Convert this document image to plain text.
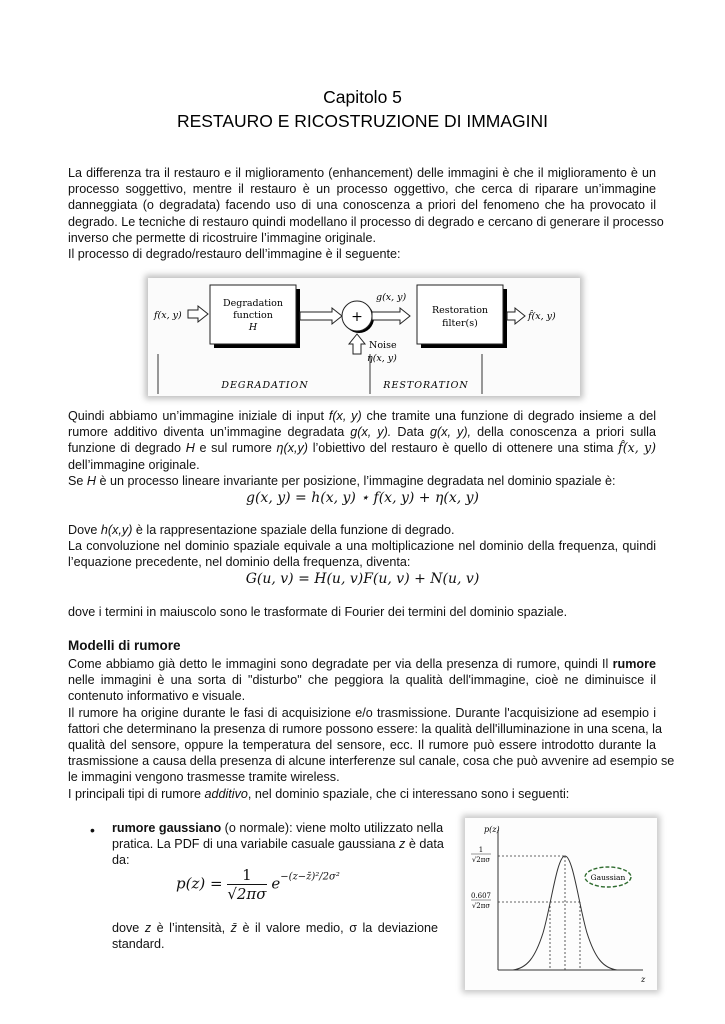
Capitolo 5
RESTAURO E RICOSTRUZIONE DI IMMAGINI
La differenza tra il restauro e il miglioramento (enhancement) delle immagini è che il miglioramento è un
processo soggettivo, mentre il restauro è un processo oggettivo, che cerca di riparare un’immagine
danneggiata (o degradata) facendo uso di una conoscenza a priori del fenomeno che ha provocato il
degrado. Le tecniche di restauro quindi modellano il processo di degrado e cercano di generare il processo
inverso che permette di ricostruire l’immagine originale.
Il processo di degrado/restauro dell’immagine è il seguente:
f(x, y)
Degradation
function
H
+
g(x, y)
Noise
η(x, y)
Restoration
filter(s)
f̂(x, y)
DEGRADATION	RESTORATION
Quindi abbiamo un’immagine iniziale di input f(x, y) che tramite una funzione di degrado insieme a del
rumore additivo diventa un’immagine degradata g(x, y). Data g(x, y), della conoscenza a priori sulla
funzione di degrado H e sul rumore η(x,y) l’obiettivo del restauro è quello di ottenere una stima f̂(x, y)
dell’immagine originale.
Se H è un processo lineare invariante per posizione, l’immagine degradata nel dominio spaziale è:
g(x, y) = h(x, y) ⋆ f(x, y) + η(x, y)
Dove h(x,y) è la rappresentazione spaziale della funzione di degrado.
La convoluzione nel dominio spaziale equivale a una moltiplicazione nel dominio della frequenza, quindi
l’equazione precedente, nel dominio della frequenza, diventa:
G(u, v) = H(u, v)F(u, v) + N(u, v)
dove i termini in maiuscolo sono le trasformate di Fourier dei termini del dominio spaziale.
Modelli di rumore
Come abbiamo già detto le immagini sono degradate per via della presenza di rumore, quindi Il rumore
nelle immagini è una sorta di "disturbo" che peggiora la qualità dell'immagine, cioè ne diminuisce il
contenuto informativo e visuale.
Il rumore ha origine durante le fasi di acquisizione e/o trasmissione. Durante l'acquisizione ad esempio i
fattori che determinano la presenza di rumore possono essere: la qualità dell'illuminazione in una scena, la
qualità del sensore, oppure la temperatura del sensore, ecc. Il rumore può essere introdotto durante la
trasmissione a causa della presenza di alcune interferenze sul canale, cosa che può avvenire ad esempio se
le immagini vengono trasmesse tramite wireless.
I principali tipi di rumore additivo, nel dominio spaziale, che ci interessano sono i seguenti:
• rumore gaussiano (o normale): viene molto utilizzato nella
pratica. La PDF di una variabile casuale gaussiana z è data
da:
$p(z) = \frac{1}{√2\pi\sigma} e^{-(z-z̄)^2/2\sigma^2}$
dove z è l’intensità, z̄ è il valore medio, σ la deviazione
standard.
p(z)
z
1
√2πσ
0.607
√2πσ
Gaussian
